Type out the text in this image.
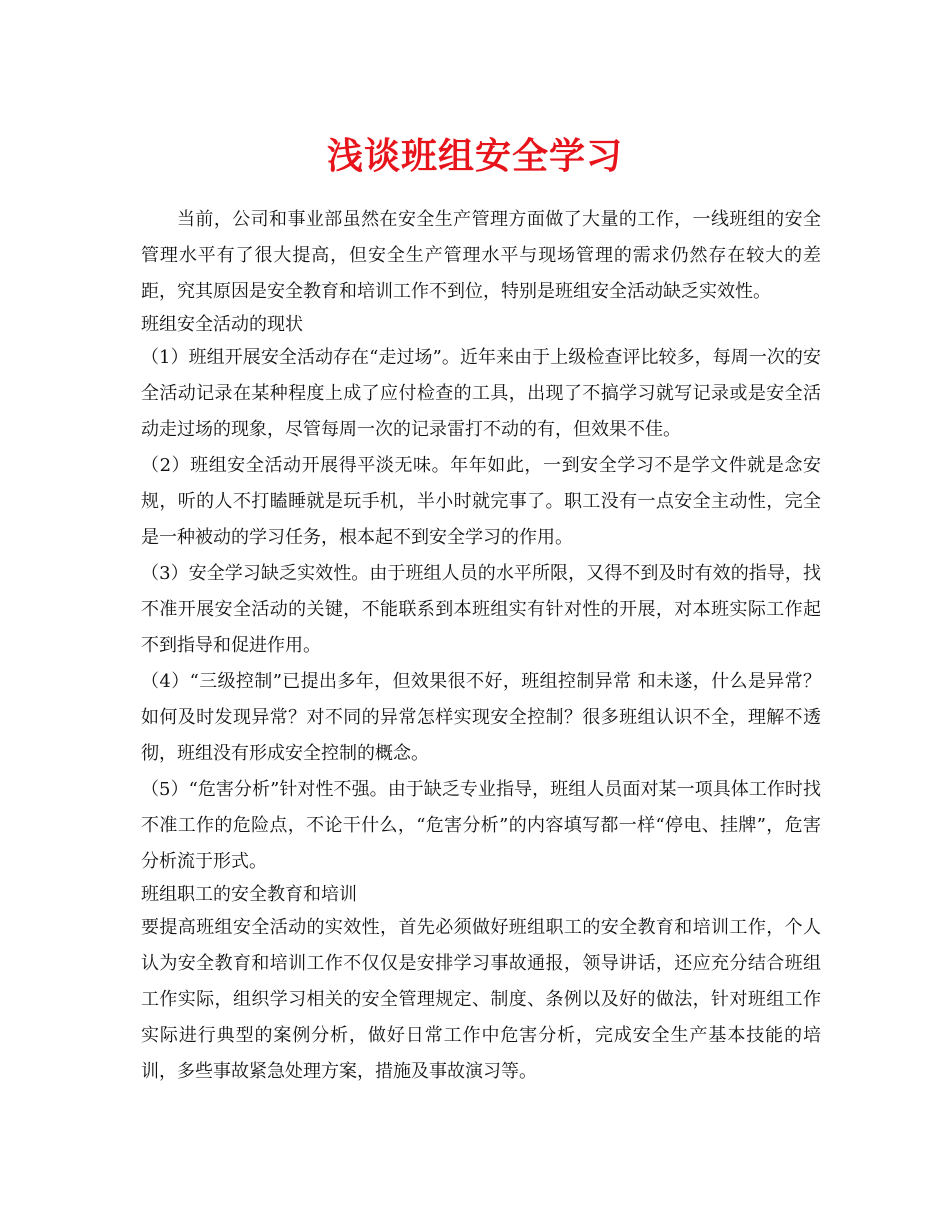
浅谈班组安全学习

当前，公司和事业部虽然在安全生产管理方面做了大量的工作，一线班组的安全管理水平有了很大提高，但安全生产管理水平与现场管理的需求仍然存在较大的差距，究其原因是安全教育和培训工作不到位，特别是班组安全活动缺乏实效性。

班组安全活动的现状

（1）班组开展安全活动存在“走过场”。近年来由于上级检查评比较多，每周一次的安全活动记录在某种程度上成了应付检查的工具，出现了不搞学习就写记录或是安全活动走过场的现象，尽管每周一次的记录雷打不动的有，但效果不佳。

（2）班组安全活动开展得平淡无味。年年如此，一到安全学习不是学文件就是念安规，听的人不打瞌睡就是玩手机，半小时就完事了。职工没有一点安全主动性，完全是一种被动的学习任务，根本起不到安全学习的作用。

（3）安全学习缺乏实效性。由于班组人员的水平所限，又得不到及时有效的指导，找不准开展安全活动的关键，不能联系到本班组实有针对性的开展，对本班实际工作起不到指导和促进作用。

（4）“三级控制”已提出多年，但效果很不好，班组控制异常 和未遂，什么是异常？如何及时发现异常？对不同的异常怎样实现安全控制？很多班组认识不全，理解不透彻，班组没有形成安全控制的概念。

（5）“危害分析”针对性不强。由于缺乏专业指导，班组人员面对某一项具体工作时找不准工作的危险点，不论干什么，“危害分析”的内容填写都一样“停电、挂牌”，危害分析流于形式。

班组职工的安全教育和培训

要提高班组安全活动的实效性，首先必须做好班组职工的安全教育和培训工作，个人认为安全教育和培训工作不仅仅是安排学习事故通报，领导讲话，还应充分结合班组工作实际，组织学习相关的安全管理规定、制度、条例以及好的做法，针对班组工作实际进行典型的案例分析，做好日常工作中危害分析，完成安全生产基本技能的培训，多些事故紧急处理方案，措施及事故演习等。
